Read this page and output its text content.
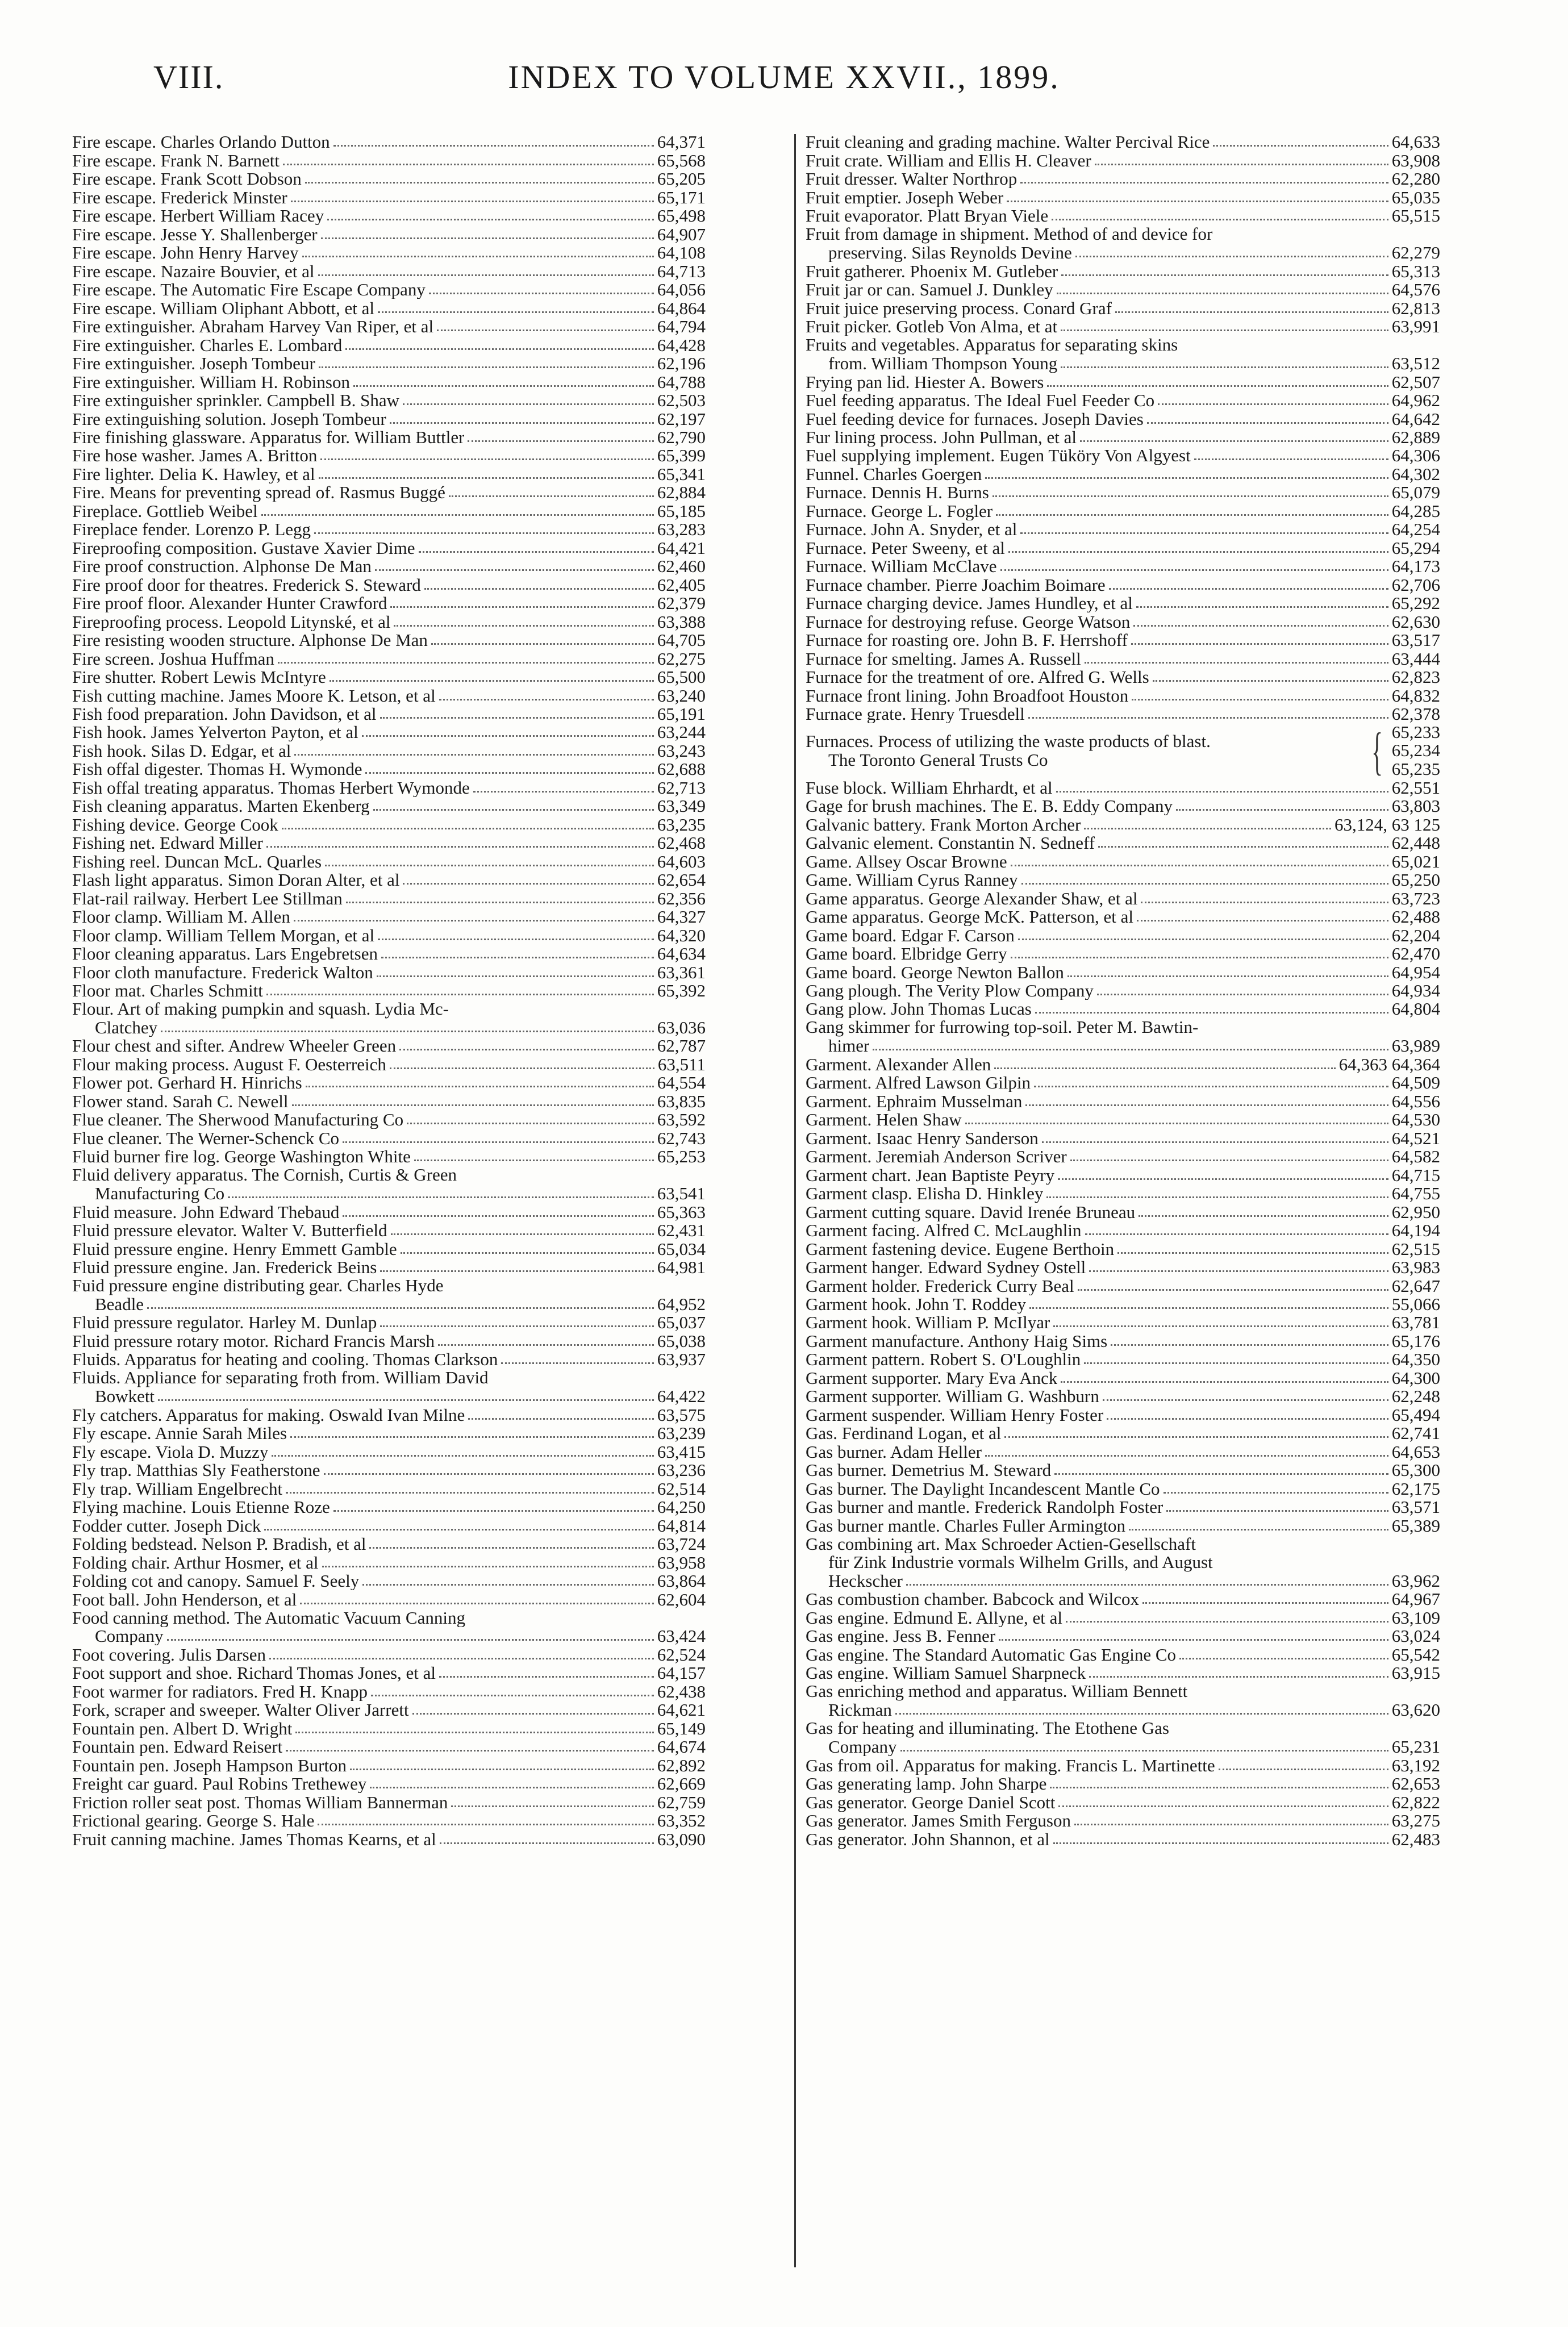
VIII.	INDEX TO VOLUME XXVII., 1899.
Fire escape. Charles Orlando Dutton	64,371
Fire escape. Frank N. Barnett	65,568
Fire escape. Frank Scott Dobson	65,205
Fire escape. Frederick Minster	65,171
Fire escape. Herbert William Racey	65,498
Fire escape. Jesse Y. Shallenberger	64,907
Fire escape. John Henry Harvey	64,108
Fire escape. Nazaire Bouvier, et al	64,713
Fire escape. The Automatic Fire Escape Company	64,056
Fire escape. William Oliphant Abbott, et al	64,864
Fire extinguisher. Abraham Harvey Van Riper, et al	64,794
Fire extinguisher. Charles E. Lombard	64,428
Fire extinguisher. Joseph Tombeur	62,196
Fire extinguisher. William H. Robinson	64,788
Fire extinguisher sprinkler. Campbell B. Shaw	62,503
Fire extinguishing solution. Joseph Tombeur	62,197
Fire finishing glassware. Apparatus for. William Buttler	62,790
Fire hose washer. James A. Britton	65,399
Fire lighter. Delia K. Hawley, et al	65,341
Fire. Means for preventing spread of. Rasmus Buggé	62,884
Fireplace. Gottlieb Weibel	65,185
Fireplace fender. Lorenzo P. Legg	63,283
Fireproofing composition. Gustave Xavier Dime	64,421
Fire proof construction. Alphonse De Man	62,460
Fire proof door for theatres. Frederick S. Steward	62,405
Fire proof floor. Alexander Hunter Crawford	62,379
Fireproofing process. Leopold Litynské, et al	63,388
Fire resisting wooden structure. Alphonse De Man	64,705
Fire screen. Joshua Huffman	62,275
Fire shutter. Robert Lewis McIntyre	65,500
Fish cutting machine. James Moore K. Letson, et al	63,240
Fish food preparation. John Davidson, et al	65,191
Fish hook. James Yelverton Payton, et al	63,244
Fish hook. Silas D. Edgar, et al	63,243
Fish offal digester. Thomas H. Wymonde	62,688
Fish offal treating apparatus. Thomas Herbert Wymonde	62,713
Fish cleaning apparatus. Marten Ekenberg	63,349
Fishing device. George Cook	63,235
Fishing net. Edward Miller	62,468
Fishing reel. Duncan McL. Quarles	64,603
Flash light apparatus. Simon Doran Alter, et al	62,654
Flat-rail railway. Herbert Lee Stillman	62,356
Floor clamp. William M. Allen	64,327
Floor clamp. William Tellem Morgan, et al	64,320
Floor cleaning apparatus. Lars Engebretsen	64,634
Floor cloth manufacture. Frederick Walton	63,361
Floor mat. Charles Schmitt	65,392
Flour. Art of making pumpkin and squash. Lydia Mc-
Clatchey	63,036
Flour chest and sifter. Andrew Wheeler Green	62,787
Flour making process. August F. Oesterreich	63,511
Flower pot. Gerhard H. Hinrichs	64,554
Flower stand. Sarah C. Newell	63,835
Flue cleaner. The Sherwood Manufacturing Co	63,592
Flue cleaner. The Werner-Schenck Co	62,743
Fluid burner fire log. George Washington White	65,253
Fluid delivery apparatus. The Cornish, Curtis & Green
Manufacturing Co	63,541
Fluid measure. John Edward Thebaud	65,363
Fluid pressure elevator. Walter V. Butterfield	62,431
Fluid pressure engine. Henry Emmett Gamble	65,034
Fluid pressure engine. Jan. Frederick Beins	64,981
Fuid pressure engine distributing gear. Charles Hyde
Beadle	64,952
Fluid pressure regulator. Harley M. Dunlap	65,037
Fluid pressure rotary motor. Richard Francis Marsh	65,038
Fluids. Apparatus for heating and cooling. Thomas Clarkson	63,937
Fluids. Appliance for separating froth from. William David
Bowkett	64,422
Fly catchers. Apparatus for making. Oswald Ivan Milne	63,575
Fly escape. Annie Sarah Miles	63,239
Fly escape. Viola D. Muzzy	63,415
Fly trap. Matthias Sly Featherstone	63,236
Fly trap. William Engelbrecht	62,514
Flying machine. Louis Etienne Roze	64,250
Fodder cutter. Joseph Dick	64,814
Folding bedstead. Nelson P. Bradish, et al	63,724
Folding chair. Arthur Hosmer, et al	63,958
Folding cot and canopy. Samuel F. Seely	63,864
Foot ball. John Henderson, et al	62,604
Food canning method. The Automatic Vacuum Canning
Company	63,424
Foot covering. Julis Darsen	62,524
Foot support and shoe. Richard Thomas Jones, et al	64,157
Foot warmer for radiators. Fred H. Knapp	62,438
Fork, scraper and sweeper. Walter Oliver Jarrett	64,621
Fountain pen. Albert D. Wright	65,149
Fountain pen. Edward Reisert	64,674
Fountain pen. Joseph Hampson Burton	62,892
Freight car guard. Paul Robins Trethewey	62,669
Friction roller seat post. Thomas William Bannerman	62,759
Frictional gearing. George S. Hale	63,352
Fruit canning machine. James Thomas Kearns, et al	63,090
Fruit cleaning and grading machine. Walter Percival Rice	64,633
Fruit crate. William and Ellis H. Cleaver	63,908
Fruit dresser. Walter Northrop	62,280
Fruit emptier. Joseph Weber	65,035
Fruit evaporator. Platt Bryan Viele	65,515
Fruit from damage in shipment. Method of and device for
preserving. Silas Reynolds Devine	62,279
Fruit gatherer. Phoenix M. Gutleber	65,313
Fruit jar or can. Samuel J. Dunkley	64,576
Fruit juice preserving process. Conard Graf	62,813
Fruit picker. Gotleb Von Alma, et at	63,991
Fruits and vegetables. Apparatus for separating skins
from. William Thompson Young	63,512
Frying pan lid. Hiester A. Bowers	62,507
Fuel feeding apparatus. The Ideal Fuel Feeder Co	64,962
Fuel feeding device for furnaces. Joseph Davies	64,642
Fur lining process. John Pullman, et al	62,889
Fuel supplying implement. Eugen Tüköry Von Algyest	64,306
Funnel. Charles Goergen	64,302
Furnace. Dennis H. Burns	65,079
Furnace. George L. Fogler	64,285
Furnace. John A. Snyder, et al	64,254
Furnace. Peter Sweeny, et al	65,294
Furnace. William McClave	64,173
Furnace chamber. Pierre Joachim Boimare	62,706
Furnace charging device. James Hundley, et al	65,292
Furnace for destroying refuse. George Watson	62,630
Furnace for roasting ore. John B. F. Herrshoff	63,517
Furnace for smelting. James A. Russell	63,444
Furnace for the treatment of ore. Alfred G. Wells	62,823
Furnace front lining. John Broadfoot Houston	64,832
Furnace grate. Henry Truesdell	62,378
Furnaces. Process of utilizing the waste products of blast.
The Toronto General Trusts Co	{ 65,233
65,234
65,235
Fuse block. William Ehrhardt, et al	62,551
Gage for brush machines. The E. B. Eddy Company	63,803
Galvanic battery. Frank Morton Archer	63,124, 63 125
Galvanic element. Constantin N. Sedneff	62,448
Game. Allsey Oscar Browne	65,021
Game. William Cyrus Ranney	65,250
Game apparatus. George Alexander Shaw, et al	63,723
Game apparatus. George McK. Patterson, et al	62,488
Game board. Edgar F. Carson	62,204
Game board. Elbridge Gerry	62,470
Game board. George Newton Ballon	64,954
Gang plough. The Verity Plow Company	64,934
Gang plow. John Thomas Lucas	64,804
Gang skimmer for furrowing top-soil. Peter M. Bawtin-
himer	63,989
Garment. Alexander Allen	64,363 64,364
Garment. Alfred Lawson Gilpin	64,509
Garment. Ephraim Musselman	64,556
Garment. Helen Shaw	64,530
Garment. Isaac Henry Sanderson	64,521
Garment. Jeremiah Anderson Scriver	64,582
Garment chart. Jean Baptiste Peyry	64,715
Garment clasp. Elisha D. Hinkley	64,755
Garment cutting square. David Irenée Bruneau	62,950
Garment facing. Alfred C. McLaughlin	64,194
Garment fastening device. Eugene Berthoin	62,515
Garment hanger. Edward Sydney Ostell	63,983
Garment holder. Frederick Curry Beal	62,647
Garment hook. John T. Roddey	55,066
Garment hook. William P. McIlyar	63,781
Garment manufacture. Anthony Haig Sims	65,176
Garment pattern. Robert S. O'Loughlin	64,350
Garment supporter. Mary Eva Anck	64,300
Garment supporter. William G. Washburn	62,248
Garment suspender. William Henry Foster	65,494
Gas. Ferdinand Logan, et al	62,741
Gas burner. Adam Heller	64,653
Gas burner. Demetrius M. Steward	65,300
Gas burner. The Daylight Incandescent Mantle Co	62,175
Gas burner and mantle. Frederick Randolph Foster	63,571
Gas burner mantle. Charles Fuller Armington	65,389
Gas combining art. Max Schroeder Actien-Gesellschaft
für Zink Industrie vormals Wilhelm Grills, and August
Heckscher	63,962
Gas combustion chamber. Babcock and Wilcox	64,967
Gas engine. Edmund E. Allyne, et al	63,109
Gas engine. Jess B. Fenner	63,024
Gas engine. The Standard Automatic Gas Engine Co	65,542
Gas engine. William Samuel Sharpneck	63,915
Gas enriching method and apparatus. William Bennett
Rickman	63,620
Gas for heating and illuminating. The Etothene Gas
Company	65,231
Gas from oil. Apparatus for making. Francis L. Martinette	63,192
Gas generating lamp. John Sharpe	62,653
Gas generator. George Daniel Scott	62,822
Gas generator. James Smith Ferguson	63,275
Gas generator. John Shannon, et al	62,483
